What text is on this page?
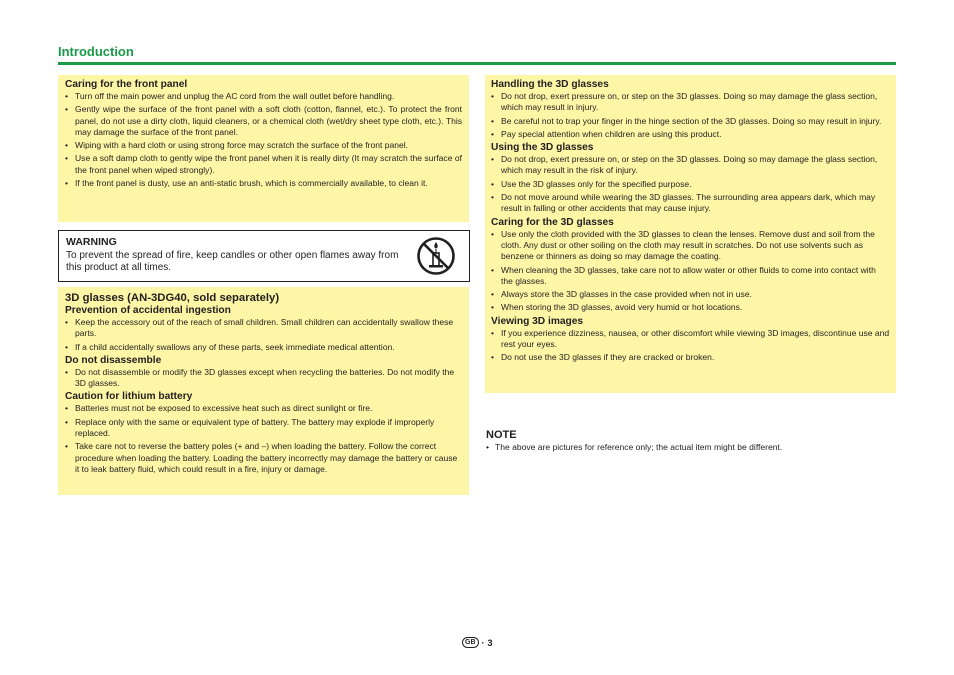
Introduction

Caring for the front panel

• Turn off the main power and unplug the AC cord from the wall outlet before handling.
• Gently wipe the surface of the front panel with a soft cloth (cotton, flannel, etc.). To protect the front panel, do not use a dirty cloth, liquid cleaners, or a chemical cloth (wet/dry sheet type cloth, etc.). This may damage the surface of the front panel.
• Wiping with a hard cloth or using strong force may scratch the surface of the front panel.
• Use a soft damp cloth to gently wipe the front panel when it is really dirty (It may scratch the surface of the front panel when wiped strongly).
• If the front panel is dusty, use an anti-static brush, which is commercially available, to clean it.
WARNING
To prevent the spread of fire, keep candles or other open flames away from this product at all times.

3D glasses (AN-3DG40, sold separately)

Prevention of accidental ingestion

• Keep the accessory out of the reach of small children. Small children can accidentally swallow these parts.
• If a child accidentally swallows any of these parts, seek immediate medical attention.

Do not disassemble

• Do not disassemble or modify the 3D glasses except when recycling the batteries. Do not modify the 3D glasses.

Caution for lithium battery

• Batteries must not be exposed to excessive heat such as direct sunlight or fire.
• Replace only with the same or equivalent type of battery. The battery may explode if improperly replaced.
• Take care not to reverse the battery poles (+ and –) when loading the battery. Follow the correct procedure when loading the battery. Loading the battery incorrectly may damage the battery or cause it to leak battery fluid, which could result in a fire, injury or damage.

Handling the 3D glasses

• Do not drop, exert pressure on, or step on the 3D glasses. Doing so may damage the glass section, which may result in injury.
• Be careful not to trap your finger in the hinge section of the 3D glasses. Doing so may result in injury.
• Pay special attention when children are using this product.

Using the 3D glasses

• Do not drop, exert pressure on, or step on the 3D glasses. Doing so may damage the glass section, which may result in the risk of injury.
• Use the 3D glasses only for the specified purpose.
• Do not move around while wearing the 3D glasses. The surrounding area appears dark, which may result in falling or other accidents that may cause injury.

Caring for the 3D glasses

• Use only the cloth provided with the 3D glasses to clean the lenses. Remove dust and soil from the cloth. Any dust or other soiling on the cloth may result in scratches. Do not use solvents such as benzene or thinners as doing so may damage the coating.
• When cleaning the 3D glasses, take care not to allow water or other fluids to come into contact with the glasses.
• Always store the 3D glasses in the case provided when not in use.
• When storing the 3D glasses, avoid very humid or hot locations.

Viewing 3D images

• If you experience dizziness, nausea, or other discomfort while viewing 3D images, discontinue use and rest your eyes.
• Do not use the 3D glasses if they are cracked or broken.
NOTE
• The above are pictures for reference only; the actual item might be different.
GB · 3
